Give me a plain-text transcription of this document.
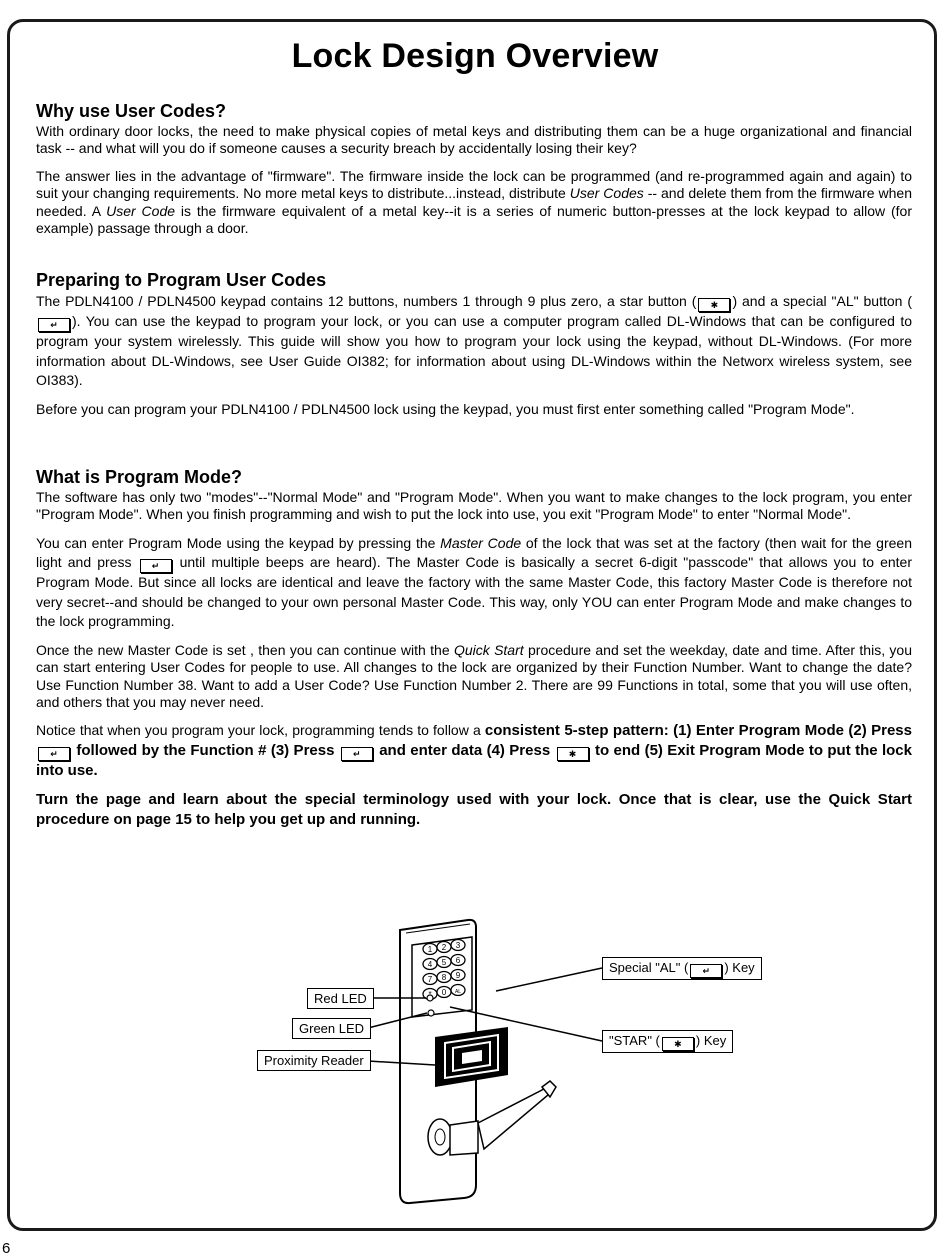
Lock Design Overview
Why use User Codes?

With ordinary door locks, the need to make physical copies of metal keys and distributing them can be a huge organizational and financial task -- and what will you do if someone causes a security breach by accidentally losing their key?

The answer lies in the advantage of "firmware". The firmware inside the lock can be programmed (and re-programmed again and again) to suit your changing requirements. No more metal keys to distribute...instead, distribute User Codes -- and delete them from the firmware when needed. A User Code is the firmware equivalent of a metal key--it is a series of numeric button-presses at the lock keypad to allow (for example) passage through a door.

Preparing to Program User Codes

The PDLN4100 / PDLN4500 keypad contains 12 buttons, numbers 1 through 9 plus zero, a star button ( ✱	) and a special "AL" button (↵). You can use the keypad to program your lock, or you can use a computer program called DL-Windows that can be configured to program your system wirelessly. This guide will show you how to program your lock using the keypad, without DL-Windows. (For more information about DL-Windows, see User Guide OI382; for information about using DL-Windows within the Networx wireless system, see OI383).

Before you can program your PDLN4100 / PDLN4500 lock using the keypad, you must first enter something called "Program Mode".

What is Program Mode?

The software has only two "modes"--"Normal Mode" and "Program Mode". When you want to make changes to the lock program, you enter "Program Mode". When you finish programming and wish to put the lock into use, you exit "Program Mode" to enter "Normal Mode".

You can enter Program Mode using the keypad by pressing the Master Code of the lock that was set at the factory (then wait for the green light and press ↵	until multiple beeps are heard). The Master Code is basically a secret 6-digit "passcode" that allows you to enter Program Mode. But since all locks are identical and leave the factory with the same Master Code, this factory Master Code is therefore not very secret--and should be changed to your own personal Master Code. This way, only YOU can enter Program Mode and make changes to the lock programming.

Once the new Master Code is set , then you can continue with the Quick Start procedure and set the weekday, date and time. After this, you can start entering User Codes for people to use. All changes to the lock are organized by their Function Number. Want to change the date? Use Function Number 38. Want to add a User Code? Use Function Number 2. There are 99 Functions in total, some that you will use often, and others that you may never need.

Notice that when you program your lock, programming tends to follow a consistent 5-step pattern: (1) Enter Program Mode (2) Press ↵ followed by the Function # (3) Press ↵ and enter data (4) Press ✱ to end (5) Exit Program Mode to put the lock into use.

Turn the page and learn about the special terminology used with your lock. Once that is clear, use the Quick Start procedure on page 15 to help you get up and running.

1 2 3
4 5 6
7 8 9
0 AL
Red LED
Green LED
Proximity Reader
Special "AL" ( ↵	) Key
"STAR" ( ✱	) Key
6
